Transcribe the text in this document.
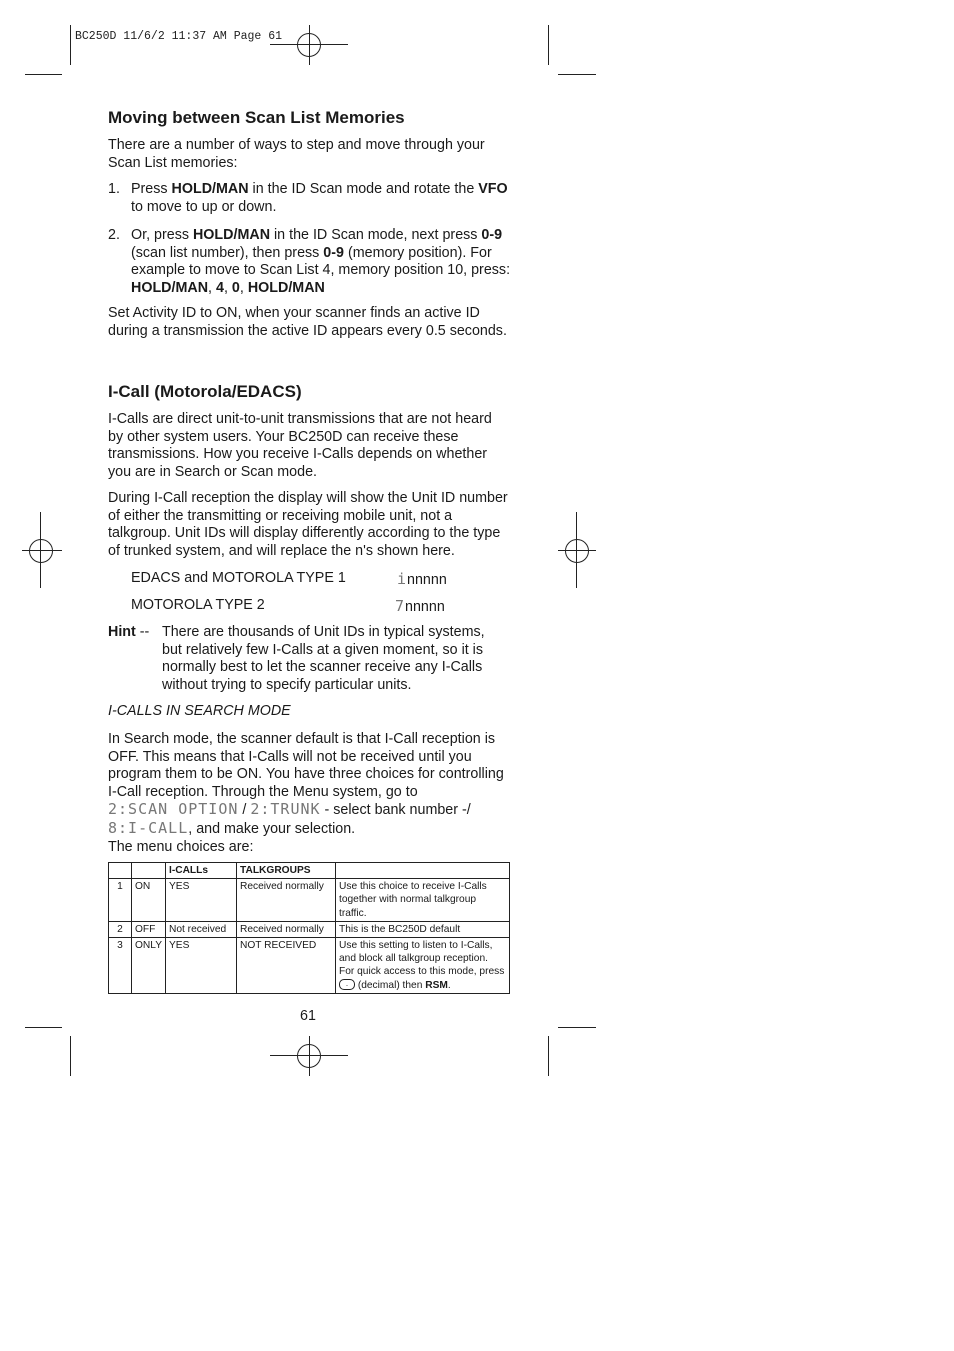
BC250D 11/6/2 11:37 AM Page 61
Moving between Scan List Memories

There are a number of ways to step and move through your Scan List memories:

1. Press HOLD/MAN in the ID Scan mode and rotate the VFO to move to up or down.

2. Or, press HOLD/MAN in the ID Scan mode, next press 0-9 (scan list number), then press 0-9 (memory position). For example to move to Scan List 4, memory position 10, press: HOLD/MAN, 4, 0, HOLD/MAN

Set Activity ID to ON, when your scanner finds an active ID during a transmission the active ID appears every 0.5 seconds.

I-Call (Motorola/EDACS)

I-Calls are direct unit-to-unit transmissions that are not heard by other system users. Your BC250D can receive these transmissions. How you receive I-Calls depends on whether you are in Search or Scan mode.

During I-Call reception the display will show the Unit ID number of either the transmitting or receiving mobile unit, not a talkgroup. Unit IDs will display differently according to the type of trunked system, and will replace the n's shown here.

EDACS and MOTOROLA TYPE 1	innnnn
MOTOROLA TYPE 2	7nnnnn
Hint -- There are thousands of Unit IDs in typical systems, but relatively few I-Calls at a given moment, so it is normally best to let the scanner receive any I-Calls without trying to specify particular units.

I-CALLS IN SEARCH MODE

In Search mode, the scanner default is that I-Call reception is OFF. This means that I-Calls will not be received until you program them to be ON. You have three choices for controlling I-Call reception. Through the Menu system, go to
2:SCAN OPTION / 2:TRUNK - select bank number -/
8:I-CALL, and make your selection.
The menu choices are:

		I-CALLs	TALKGROUPS	
1	ON	YES	Received normally	Use this choice to receive I-Calls together with normal talkgroup traffic.
2	OFF	Not received	Received normally	This is the BC250D default
3	ONLY	YES	NOT RECEIVED	Use this setting to listen to I-Calls, and block all talkgroup reception. For quick access to this mode, press . (decimal) then RSM.
61
